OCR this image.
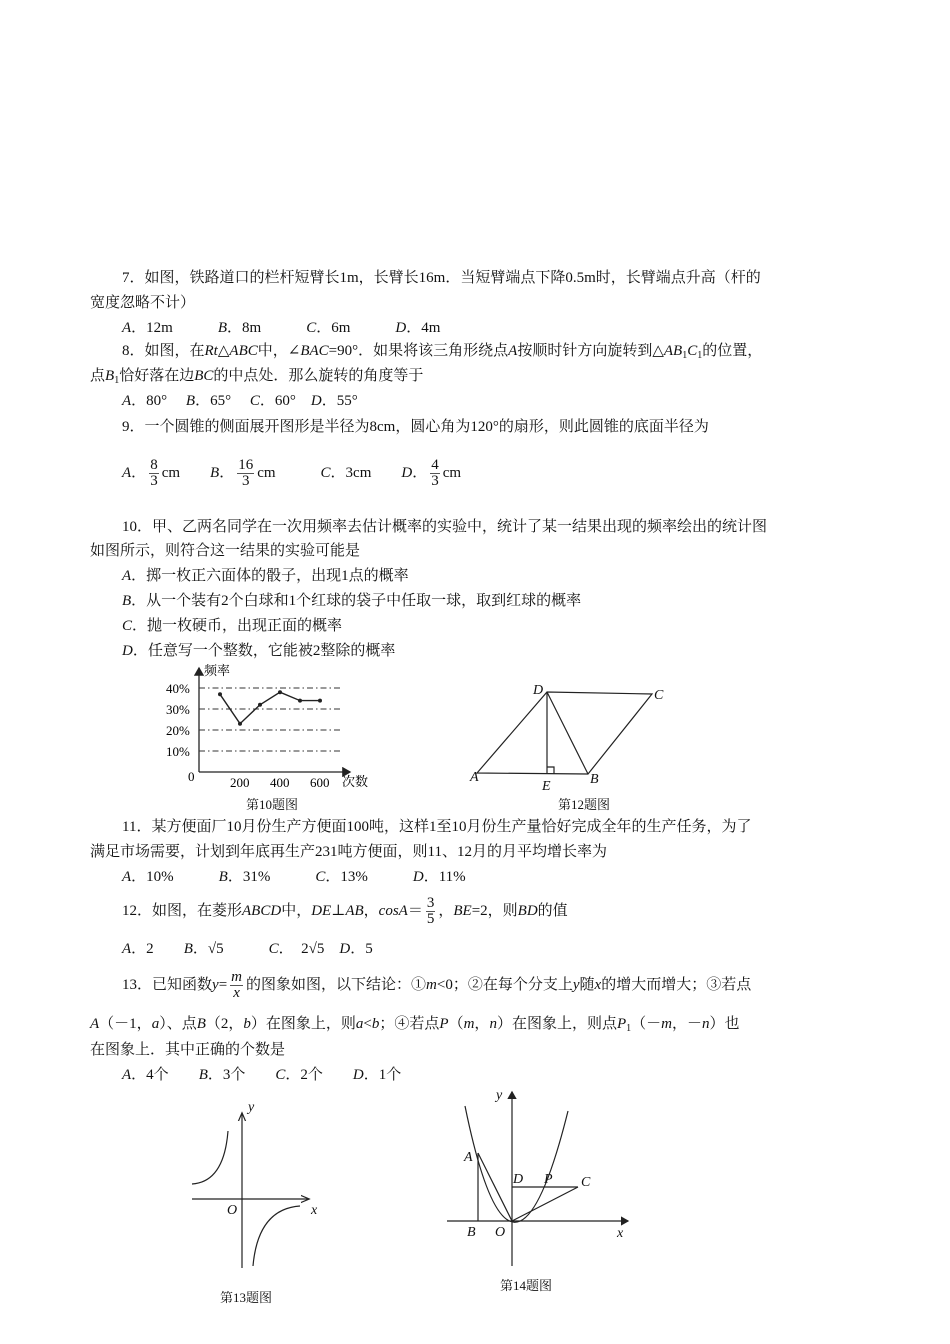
7．如图，铁路道口的栏杆短臂长1m，长臂长16m．当短臂端点下降0.5m时，长臂端点升高（杆的
宽度忽略不计）
A．12m　　　B．8m　　　C．6m　　　D．4m
8．如图，在Rt△ABC中，∠BAC=90°．如果将该三角形绕点A按顺时针方向旋转到$\triangle AB_1C_1$的位置，
点$B_1$恰好落在边BC的中点处．那么旋转的角度等于
A．80°　 B．65°　 C．60°　D．55°
9．一个圆锥的侧面展开图形是半径为8cm，圆心角为120°的扇形，则此圆锥的底面半径为
A． $\frac{8}{3}$ cm　　B． $\frac{16}{3}$ cm　　　C．3cm　　D． $\frac{4}{3}$ cm
10．甲、乙两名同学在一次用频率去估计概率的实验中，统计了某一结果出现的频率绘出的统计图
如图所示，则符合这一结果的实验可能是
A．掷一枚正六面体的骰子，出现1点的概率
B．从一个装有2个白球和1个红球的袋子中任取一球，取到红球的概率
C．抛一枚硬币，出现正面的概率
D．任意写一个整数，它能被2整除的概率
11．某方便面厂10月份生产方便面100吨，这样1至10月份生产量恰好完成全年的生产任务，为了
满足市场需要，计划到年底再生产231吨方便面，则11、12月的月平均增长率为
A．10%　　　B．31%　　　C．13%　　　D．11%
12．如图，在菱形ABCD中，DE⊥AB，$\cos A= \frac{3}{5}$ ，BE=2，则BD的值
A．2　　B．√5　　　C．　2√5　D．5
13．已知函数$y= \frac{m}{x}$ 的图象如图，以下结论：①m<0；②在每个分支上y随x的增大而增大；③若点
A（－1，a）、点B（2，b）在图象上，则a<b；④若点P（m，n）在图象上，则点$P_1(-m$，－n）也
在图象上．其中正确的个数是
A．4个　　B．3个　　C．2个　　D．1个
频率
次数
0
10%
20%
30%
40%
200 400 600	A	B
C
D
E
O	x
y
A
B O
D P C
x
y
第10题图	第12题图
第13题图
第14题图
